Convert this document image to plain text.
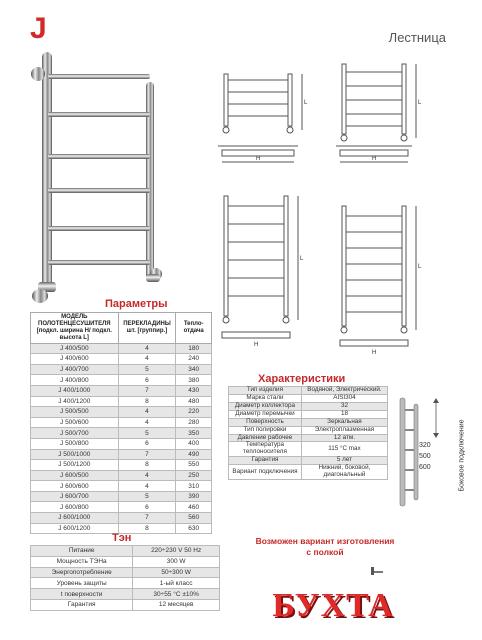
J	Лестница
L
H
L
H
L
H
L
H
Параметры
МОДЕЛЬ ПОЛОТЕНЦЕСУШИТЕЛЯ [подкл. ширина H/ подкл. высота L]	ПЕРЕКЛАДИНЫ шт. [группир.]	Тепло- отдача
J 400/500	4	180
J 400/600	4	240
J 400/700	5	340
J 400/800	6	380
J 400/1000	7	430
J 400/1200	8	480
J 500/500	4	220
J 500/600	4	280
J 500/700	5	350
J 500/800	6	400
J 500/1000	7	490
J 500/1200	8	550
J 600/500	4	250
J 600/600	4	310
J 600/700	5	390
J 600/800	6	460
J 600/1000	7	560
J 600/1200	8	630
Характеристики
Тип изделия	Водяной, Электрический.
Марка стали	AISI304
Диаметр коллектора	32
Диаметр перемычки	18
Поверхность	Зеркальная
Тип полировки	Электроплазменная
Давление рабочее	12 атм.
Температура теплоносителя	115 °C max
Гарантия	5 лет
Вариант подключения	Нижний, боковой, диагональный
320
500
600	Боковое подключение
Тэн
Питание	220÷230 V 50 Hz
Мощность ТЭНа	300 W
Энергопотребление	50÷300 W
Уровень защиты	1-ый класс
t поверхности	30÷55 °C ±10%
Гарантия	12 месяцев
Возможен вариант изготовления
с полкой
БУХТА
